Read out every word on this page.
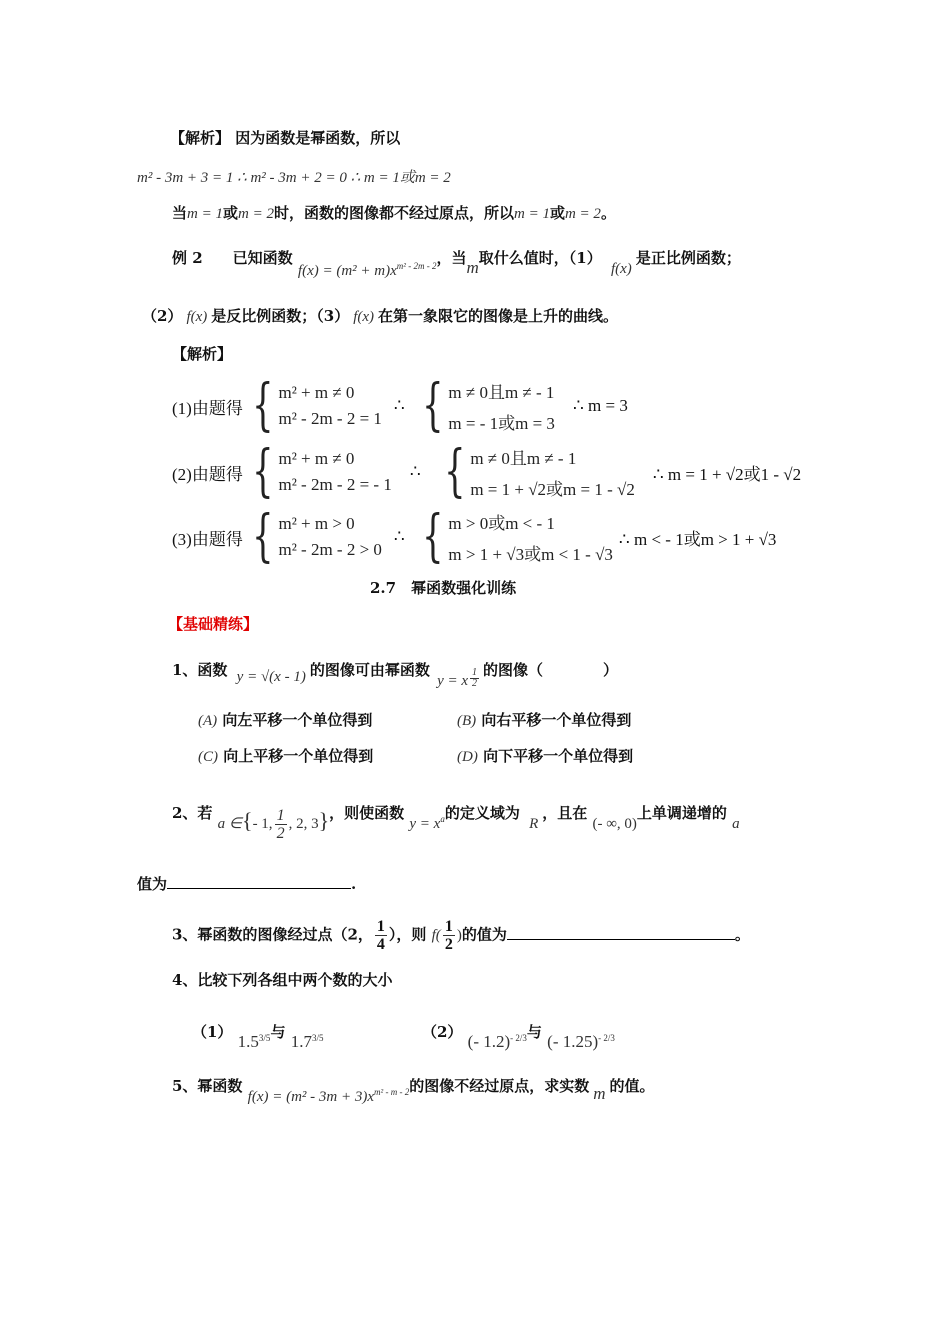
【解析】 因为函数是幂函数，所以
m² - 3m + 3 = 1 ∴ m² - 3m + 2 = 0 ∴ m = 1或m = 2
当m = 1或m = 2时，函数的图像都不经过原点，所以m = 1或m = 2。
例 2 已知函数 $f(x) = (m^2 + m)x^{m^2 - 2m - 2}$，当m取什么值时，（1） f(x)是正比例函数；
（2） f(x) 是反比例函数；（3） f(x) 在第一象限它的图像是上升的曲线。
【解析】
(1)由题得 { m² + m ≠ 0
m² - 2m - 2 = 1
∴ { m ≠ 0且m ≠ - 1
m = - 1或m = 3
∴ m = 3
(2)由题得 { m² + m ≠ 0
m² - 2m - 2 = - 1
∴ { m ≠ 0且m ≠ - 1
m = 1 + √2或m = 1 - √2
∴ m = 1 + √2或1 - √2
(3)由题得 { m² + m > 0
m² - 2m - 2 > 0
∴ { m > 0或m < - 1
m > 1 + √3或m < 1 - √3
∴ m < - 1或m > 1 + √3
2.7　幂函数强化训练
【基础精练】
1、函数 y = √(x - 1) 的图像可由幂函数 y = x $\frac{1}{2}$ 的图像（　　　　）
(A) 向左平移一个单位得到	(B) 向右平移一个单位得到
(C) 向上平移一个单位得到	(D) 向下平移一个单位得到
2、若 a ∈{- 1, $\frac{1}{2}$ , 2, 3}，则使函数 $y = x^a$的定义域为 R，且在 (- ∞, 0)上单调递增的 a
值为	.
3、幂函数的图像经过点（2， $\frac{1}{4}$ ），则 $f( \frac{1}{2}$ )的值为	。
4、比较下列各组中两个数的大小
（1） $1.5^{3/5}$与 $1.7^{3/5}$	（2） (- 1.2)$^{- 2/3}$与 (- 1.25)$^{- 2/3}$
5、幂函数 $f(x) = (m^2 - 3m + 3)x^{m^2 - m - 2}$的图像不经过原点，求实数 m 的值。
